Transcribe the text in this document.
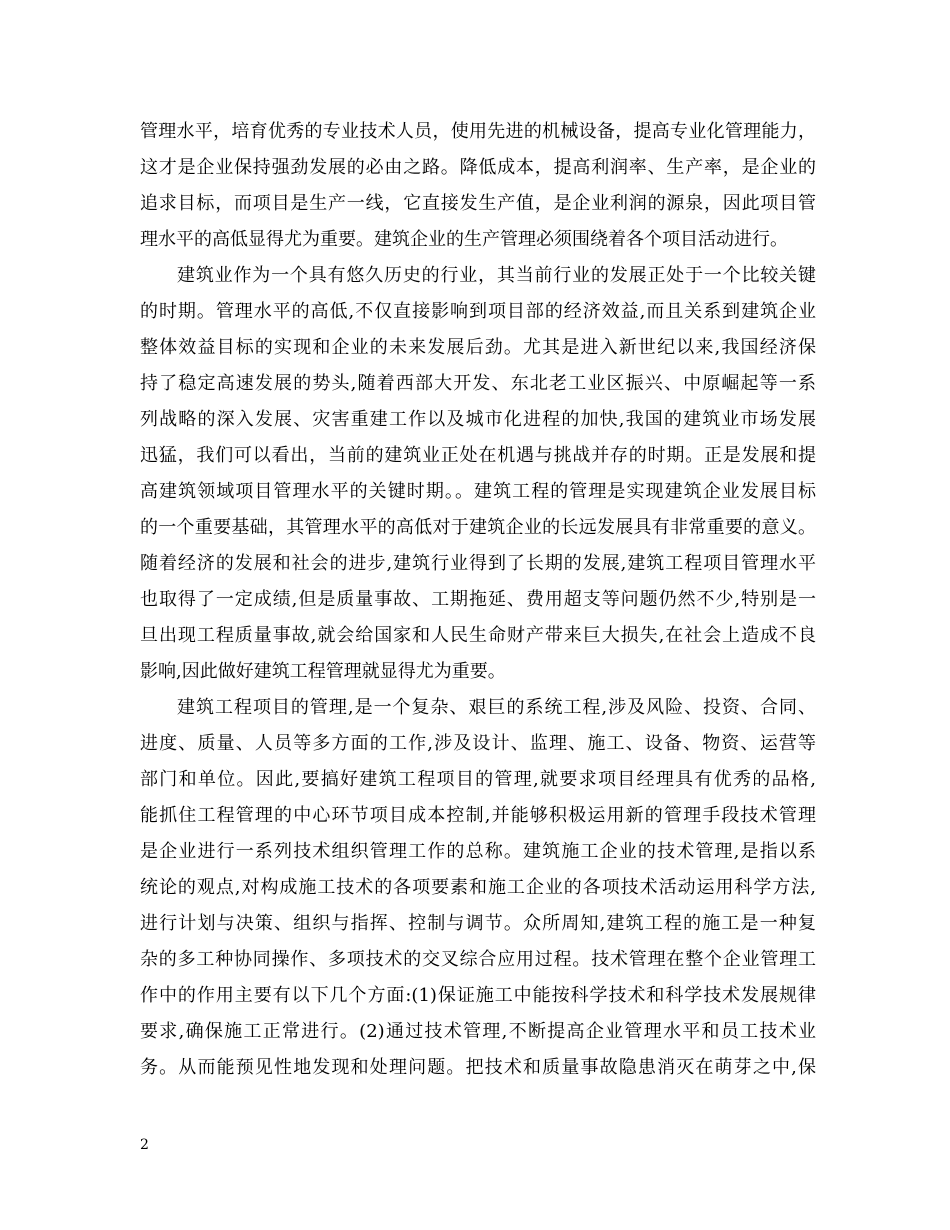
管理水平，培育优秀的专业技术人员，使用先进的机械设备，提高专业化管理能力，
这才是企业保持强劲发展的必由之路。降低成本，提高利润率、生产率，是企业的
追求目标，而项目是生产一线，它直接发生产值，是企业利润的源泉，因此项目管
理水平的高低显得尤为重要。建筑企业的生产管理必须围绕着各个项目活动进行。
建筑业作为一个具有悠久历史的行业，其当前行业的发展正处于一个比较关键
的时期。管理水平的高低,不仅直接影响到项目部的经济效益,而且关系到建筑企业
整体效益目标的实现和企业的未来发展后劲。尤其是进入新世纪以来,我国经济保
持了稳定高速发展的势头,随着西部大开发、东北老工业区振兴、中原崛起等一系
列战略的深入发展、灾害重建工作以及城市化进程的加快,我国的建筑业市场发展
迅猛，我们可以看出，当前的建筑业正处在机遇与挑战并存的时期。正是发展和提
高建筑领域项目管理水平的关键时期。。建筑工程的管理是实现建筑企业发展目标
的一个重要基础，其管理水平的高低对于建筑企业的长远发展具有非常重要的意义。
随着经济的发展和社会的进步,建筑行业得到了长期的发展,建筑工程项目管理水平
也取得了一定成绩,但是质量事故、工期拖延、费用超支等问题仍然不少,特别是一
旦出现工程质量事故,就会给国家和人民生命财产带来巨大损失,在社会上造成不良
影响,因此做好建筑工程管理就显得尤为重要。
建筑工程项目的管理,是一个复杂、艰巨的系统工程,涉及风险、投资、合同、
进度、质量、人员等多方面的工作,涉及设计、监理、施工、设备、物资、运营等
部门和单位。因此,要搞好建筑工程项目的管理,就要求项目经理具有优秀的品格,
能抓住工程管理的中心环节项目成本控制,并能够积极运用新的管理手段技术管理
是企业进行一系列技术组织管理工作的总称。建筑施工企业的技术管理,是指以系
统论的观点,对构成施工技术的各项要素和施工企业的各项技术活动运用科学方法,
进行计划与决策、组织与指挥、控制与调节。众所周知,建筑工程的施工是一种复
杂的多工种协同操作、多项技术的交叉综合应用过程。技术管理在整个企业管理工
作中的作用主要有以下几个方面:(1)保证施工中能按科学技术和科学技术发展规律
要求,确保施工正常进行。(2)通过技术管理,不断提高企业管理水平和员工技术业
务。从而能预见性地发现和处理问题。把技术和质量事故隐患消灭在萌芽之中,保
2
